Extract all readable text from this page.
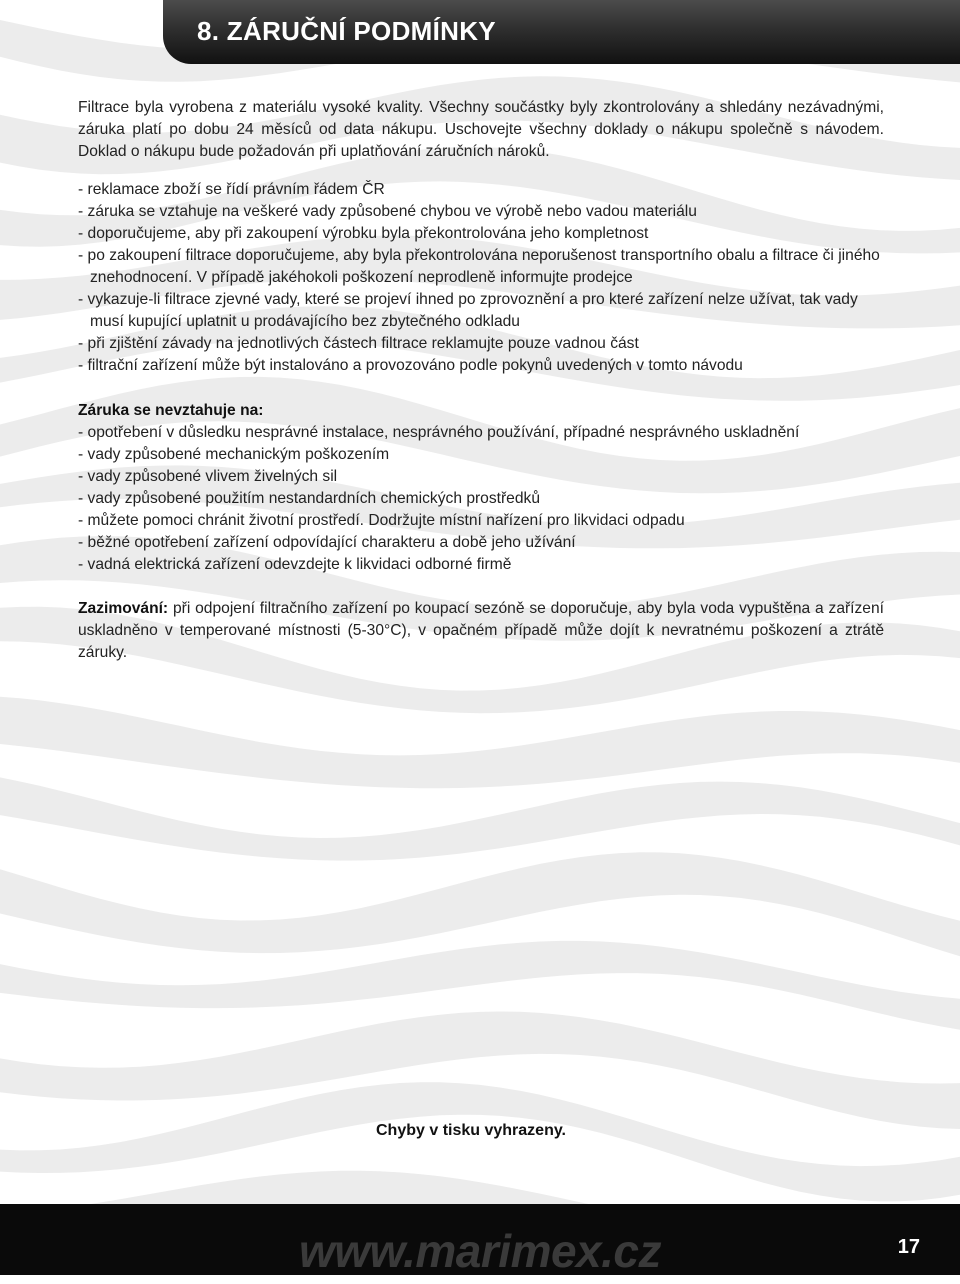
8. ZÁRUČNÍ PODMÍNKY

Filtrace byla vyrobena z materiálu vysoké kvality. Všechny součástky byly zkontrolovány a shledány nezávadnými, záruka platí po dobu 24 měsíců od data nákupu. Uschovejte všechny doklady o nákupu společně s návodem. Doklad o nákupu bude požadován při uplatňování záručních nároků.

- reklamace zboží se řídí právním řádem ČR
- záruka se vztahuje na veškeré vady způsobené chybou ve výrobě nebo vadou materiálu
- doporučujeme, aby při zakoupení výrobku byla překontrolována jeho kompletnost
- po zakoupení filtrace doporučujeme, aby byla překontrolována neporušenost transportního obalu a filtrace či jiného znehodnocení. V případě jakéhokoli poškození neprodleně informujte prodejce
- vykazuje-li filtrace zjevné vady, které se projeví ihned po zprovoznění a pro které zařízení nelze užívat, tak vady musí kupující uplatnit u prodávajícího bez zbytečného odkladu
- při zjištění závady na jednotlivých částech filtrace reklamujte pouze vadnou část
- filtrační zařízení může být instalováno a provozováno podle pokynů uvedených v tomto návodu
Záruka se nevztahuje na:
- opotřebení v důsledku nesprávné instalace, nesprávného používání, případné nesprávného uskladnění
- vady způsobené mechanickým poškozením
- vady způsobené vlivem živelných sil
- vady způsobené použitím nestandardních chemických prostředků
- můžete pomoci chránit životní prostředí. Dodržujte místní nařízení pro likvidaci odpadu
- běžné opotřebení zařízení odpovídající charakteru a době jeho užívání
- vadná elektrická zařízení odevzdejte k likvidaci odborné firmě

Zazimování: při odpojení filtračního zařízení po koupací sezóně se doporučuje, aby byla voda vypuštěna a zařízení uskladněno v temperované místnosti (5-30°C), v opačném případě může dojít k nevratnému poškození a ztrátě záruky.

Chyby v tisku vyhrazeny.
www.marimex.cz	17
